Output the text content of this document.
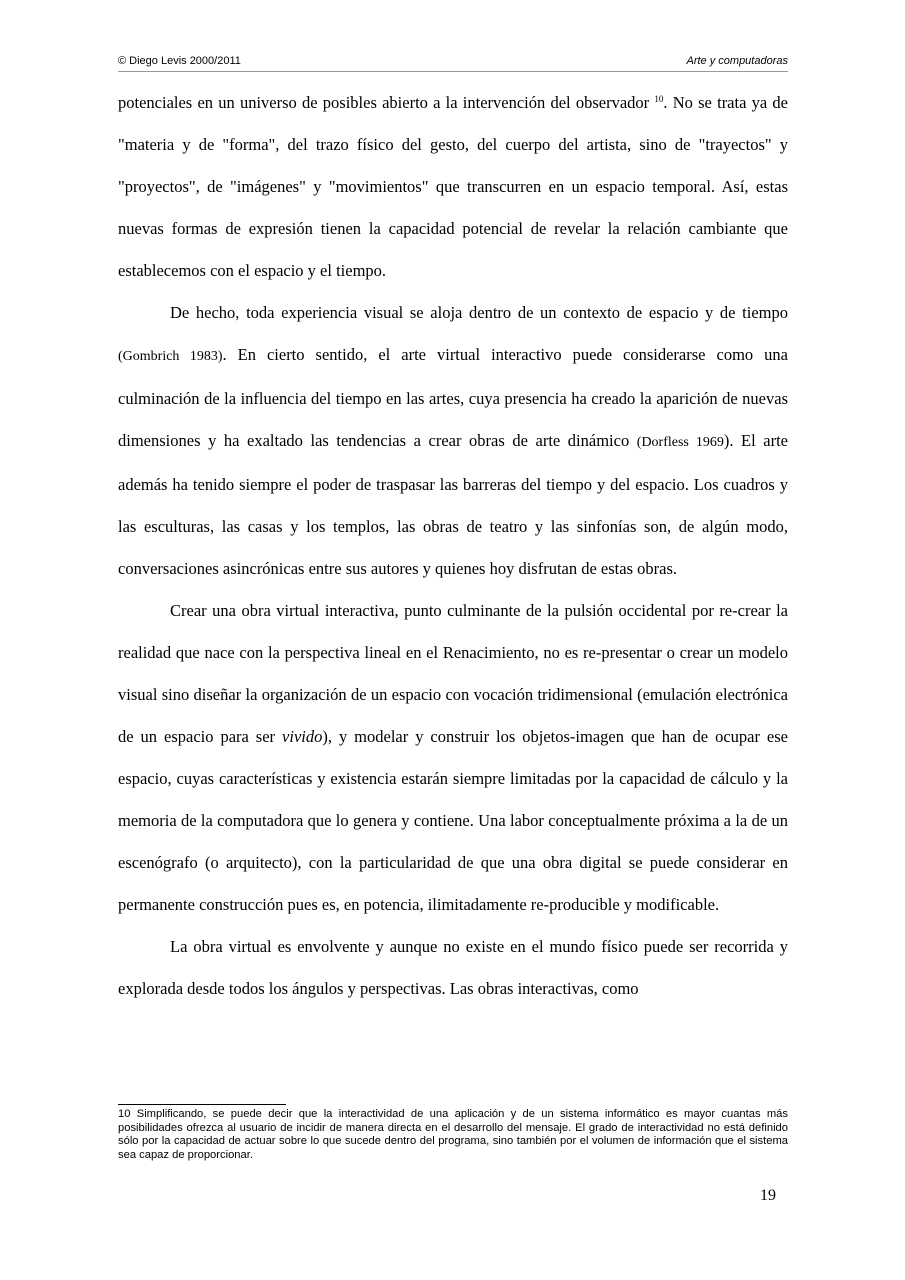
© Diego Levis 2000/2011	Arte y computadoras

potenciales en un universo de posibles abierto a la intervención del observador $^{10}$. No se trata ya de "materia y de "forma", del trazo físico del gesto, del cuerpo del artista, sino de "trayectos" y "proyectos", de "imágenes" y "movimientos" que transcurren en un espacio temporal. Así, estas nuevas formas de expresión tienen la capacidad potencial de revelar la relación cambiante que establecemos con el espacio y el tiempo.

De hecho, toda experiencia visual se aloja dentro de un contexto de espacio y de tiempo (Gombrich 1983). En cierto sentido, el arte virtual interactivo puede considerarse como una culminación de la influencia del tiempo en las artes, cuya presencia ha creado la aparición de nuevas dimensiones y ha exaltado las tendencias a crear obras de arte dinámico (Dorfless 1969). El arte además ha tenido siempre el poder de traspasar las barreras del tiempo y del espacio. Los cuadros y las esculturas, las casas y los templos, las obras de teatro y las sinfonías son, de algún modo, conversaciones asincrónicas entre sus autores y quienes hoy disfrutan de estas obras.

Crear una obra virtual interactiva, punto culminante de la pulsión occidental por re-crear la realidad que nace con la perspectiva lineal en el Renacimiento, no es re-presentar o crear un modelo visual sino diseñar la organización de un espacio con vocación tridimensional (emulación electrónica de un espacio para ser vivido), y modelar y construir los objetos-imagen que han de ocupar ese espacio, cuyas características y existencia estarán siempre limitadas por la capacidad de cálculo y la memoria de la computadora que lo genera y contiene. Una labor conceptualmente próxima a la de un escenógrafo (o arquitecto), con la particularidad de que una obra digital se puede considerar en permanente construcción pues es, en potencia, ilimitadamente re-producible y modificable.

La obra virtual es envolvente y aunque no existe en el mundo físico puede ser recorrida y explorada desde todos los ángulos y perspectivas. Las obras interactivas, como

10 Simplificando, se puede decir que la interactividad de una aplicación y de un sistema informático es mayor cuantas más posibilidades ofrezca al usuario de incidir de manera directa en el desarrollo del mensaje. El grado de interactividad no está definido sólo por la capacidad de actuar sobre lo que sucede dentro del programa, sino también por el volumen de información que el sistema sea capaz de proporcionar.

19
